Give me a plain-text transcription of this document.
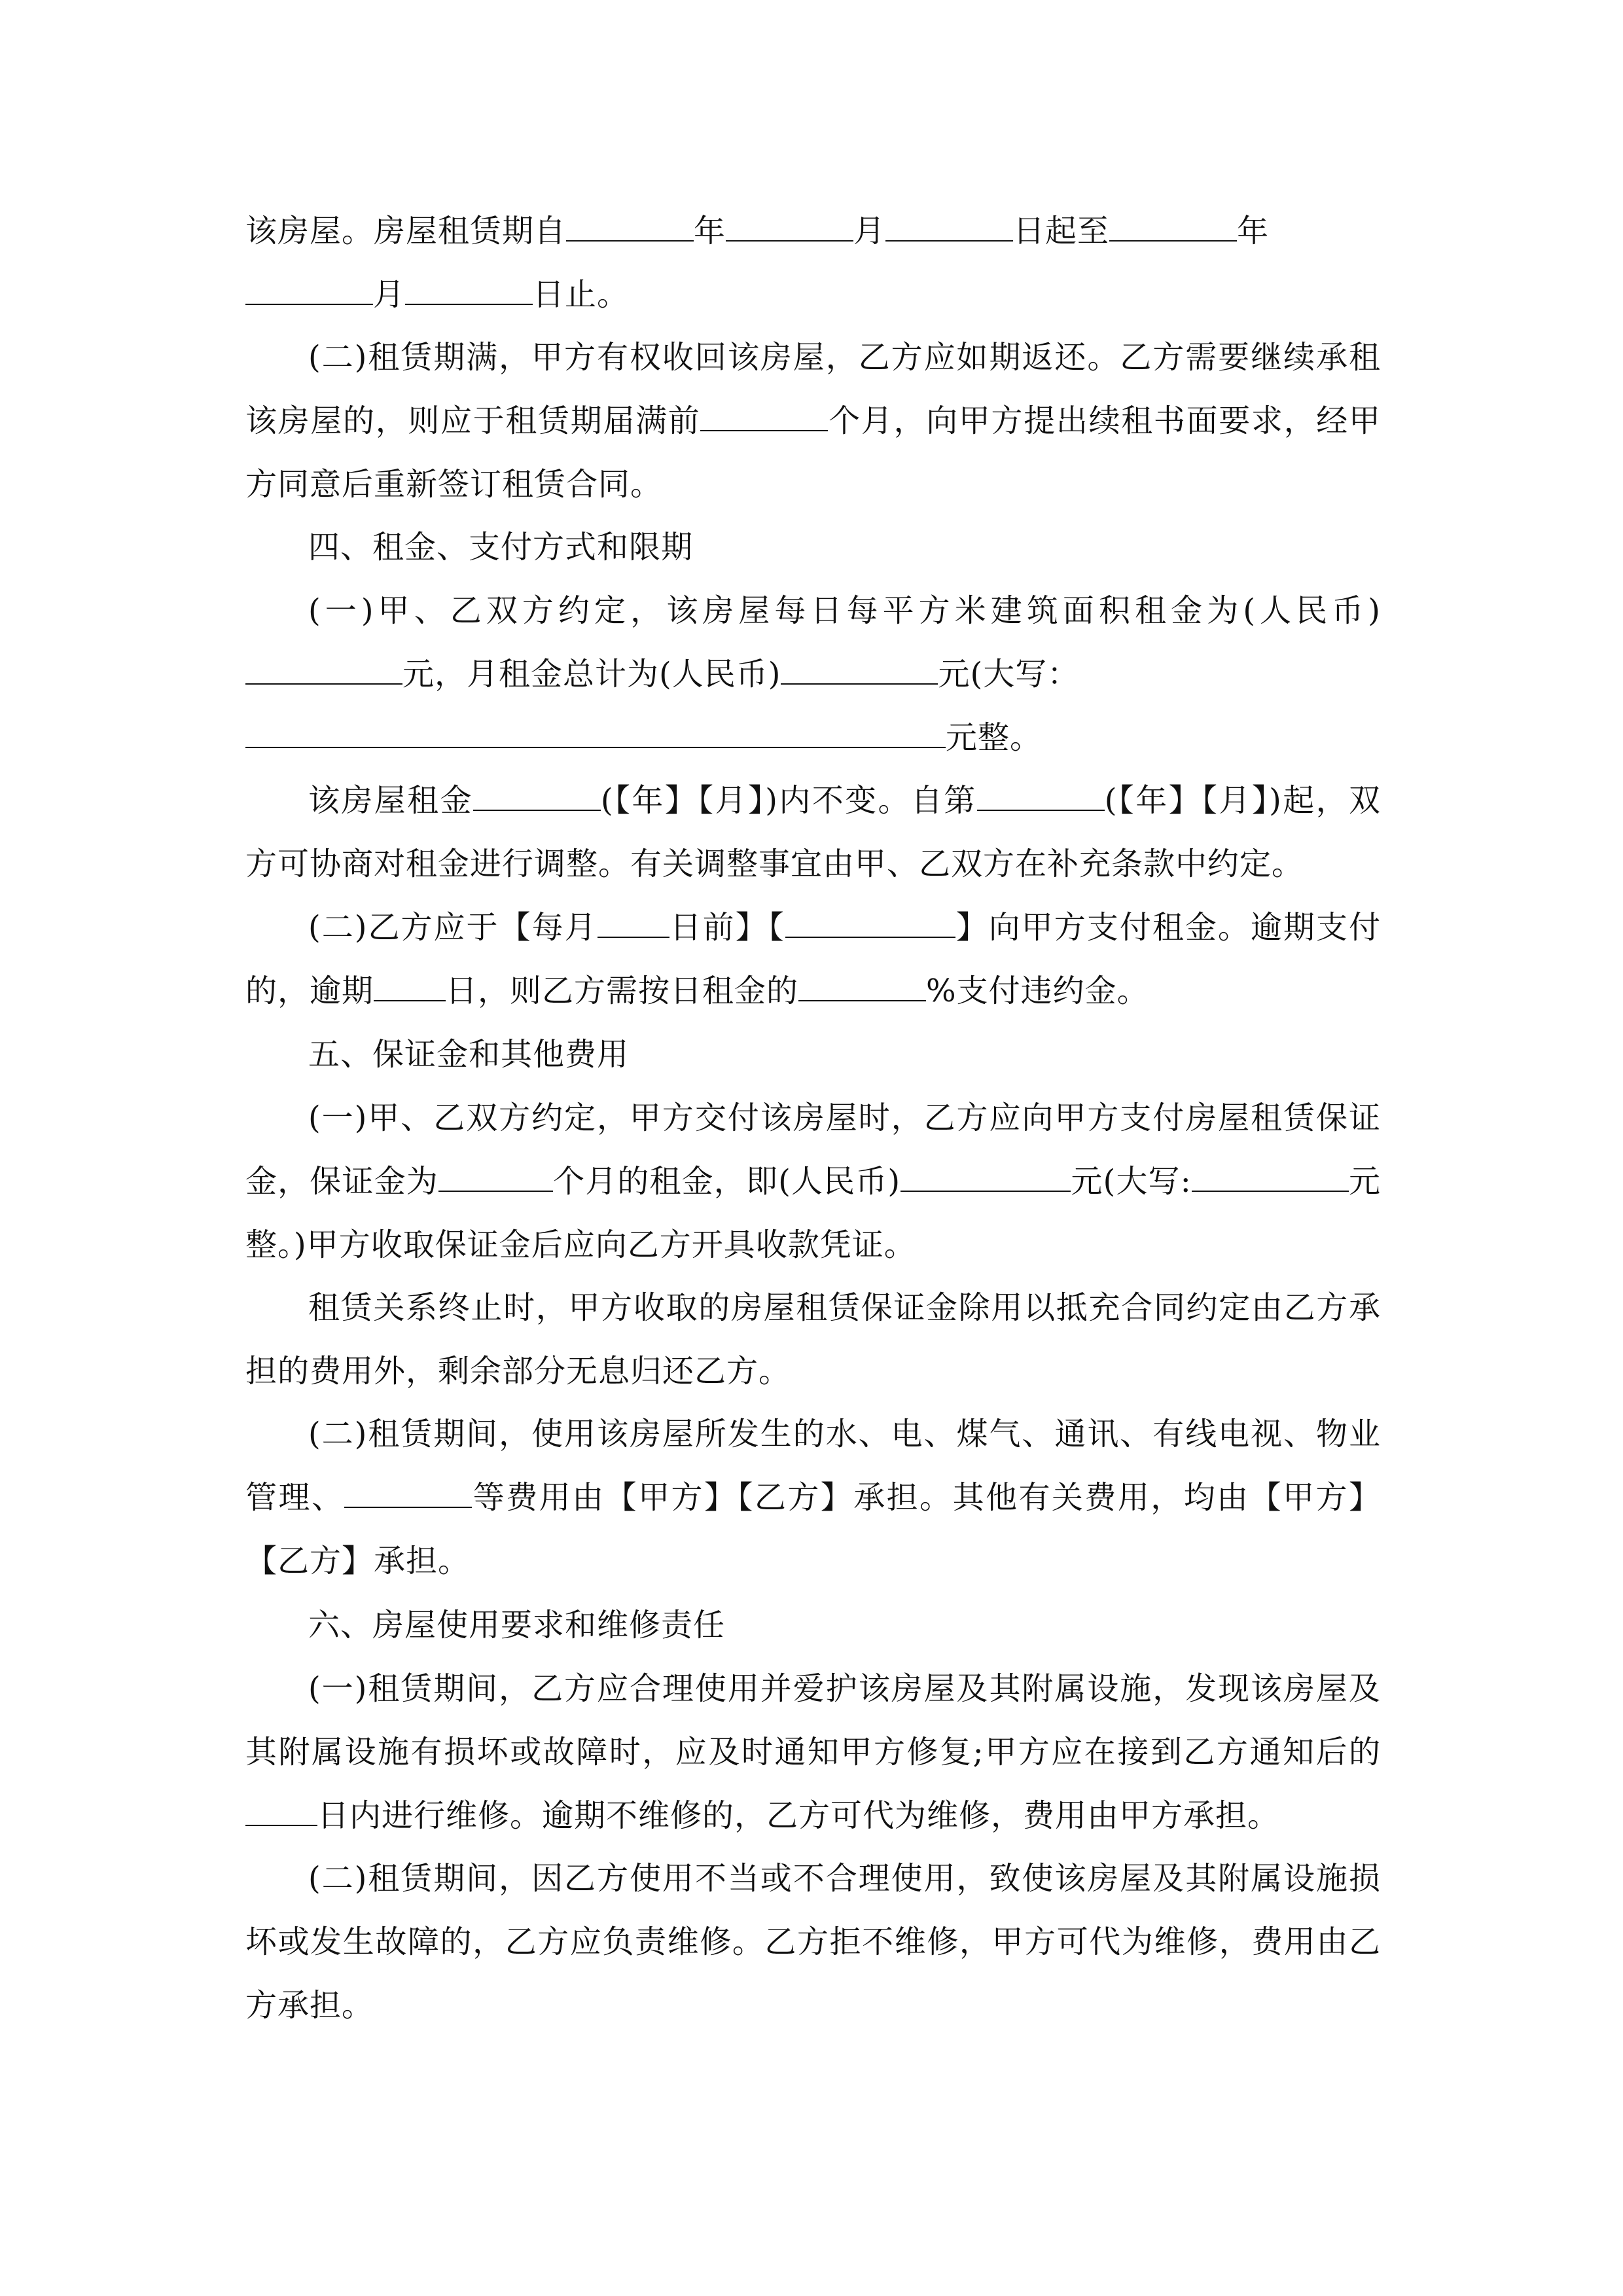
该房屋。房屋租赁期自	年	月	日起至	年
月	日止。
(二)租赁期满，甲方有权收回该房屋，乙方应如期返还。乙方需要继续承租该房屋的，则应于租赁期届满前	个月，向甲方提出续租书面要求，经甲方同意后重新签订租赁合同。
四、租金、支付方式和限期
(一)甲、乙双方约定，该房屋每日每平方米建筑面积租金为(人民币)元，月租金总计为(人民币)	元(大写：
元整。
该房屋租金	(【年】【月】)内不变。自第	(【年】【月】)起，双方可协商对租金进行调整。有关调整事宜由甲、乙双方在补充条款中约定。
(二)乙方应于【每月 日前】【	】向甲方支付租金。逾期支付的，逾期 日，则乙方需按日租金的	%支付违约金。
五、保证金和其他费用
(一)甲、乙双方约定，甲方交付该房屋时，乙方应向甲方支付房屋租赁保证金，保证金为	个月的租金，即(人民币)	元(大写:	元整。)甲方收取保证金后应向乙方开具收款凭证。
租赁关系终止时，甲方收取的房屋租赁保证金除用以抵充合同约定由乙方承担的费用外，剩余部分无息归还乙方。
(二)租赁期间，使用该房屋所发生的水、电、煤气、通讯、有线电视、物业管理、	等费用由【甲方】【乙方】承担。其他有关费用，均由【甲方】【乙方】承担。
六、房屋使用要求和维修责任
(一)租赁期间，乙方应合理使用并爱护该房屋及其附属设施，发现该房屋及其附属设施有损坏或故障时，应及时通知甲方修复;甲方应在接到乙方通知后的日内进行维修。逾期不维修的，乙方可代为维修，费用由甲方承担。
(二)租赁期间，因乙方使用不当或不合理使用，致使该房屋及其附属设施损坏或发生故障的，乙方应负责维修。乙方拒不维修，甲方可代为维修，费用由乙方承担。
